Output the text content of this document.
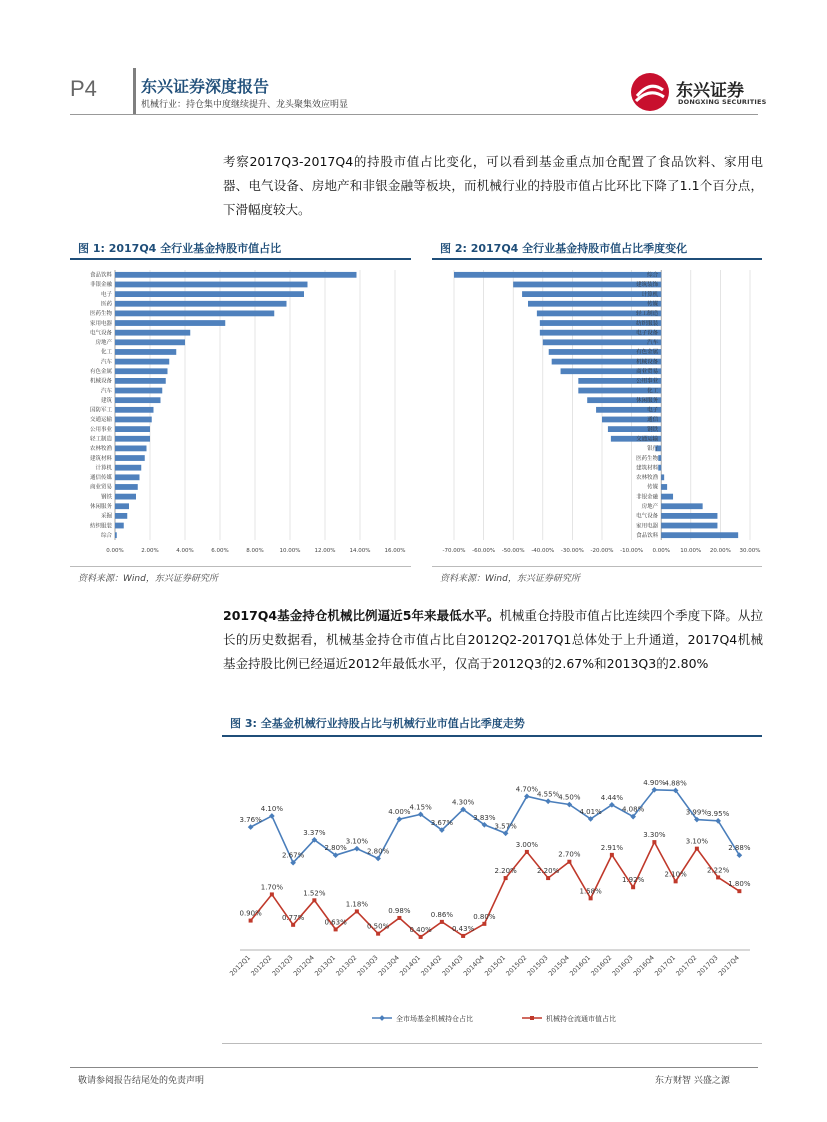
P4	东兴证券深度报告
机械行业：持仓集中度继续提升、龙头聚集效应明显
东兴证券
DONGXING SECURITIES
考察2017Q3-2017Q4的持股市值占比变化，可以看到基金重点加仓配置了食品饮料、家用电器、电气设备、房地产和非银金融等板块，而机械行业的持股市值占比环比下降了1.1个百分点，下滑幅度较大。
图 1: 2017Q4 全行业基金持股市值占比	图 2: 2017Q4 全行业基金持股市值占比季度变化
0.00%	2.00%	4.00%	6.00%	8.00%	10.00%	12.00%	14.00%	16.00%
食品饮料
非银金融
电子
医药
医药生物
家用电器
电气设备
房地产
化工
汽车
有色金属
机械设备
汽车
建筑
国防军工
交通运输
公用事业
轻工制造
农林牧渔
建筑材料
计算机
通信传媒
商业贸易
钢铁
休闲服务
采掘
纺织服装
综合
-70.00% -60.00% -50.00% -40.00% -30.00% -20.00% -10.00% 0.00% 10.00% 20.00% 30.00%
综合
建筑装饰
计算机
传媒
轻工制造
纺织服装
电子设备
汽车
有色金属
机械设备
商业贸易
公用事业
化工
休闲服务
电子
通信
钢铁
交通运输
银行
医药生物
建筑材料
农林牧渔
传媒
非银金融
房地产
电气设备
家用电器
食品饮料
资料来源：Wind，东兴证券研究所	资料来源：Wind，东兴证券研究所
2017Q4基金持仓机械比例逼近5年来最低水平。机械重仓持股市值占比连续四个季度下降。从拉长的历史数据看，机械基金持仓市值占比自2012Q2-2017Q1总体处于上升通道，2017Q4机械基金持股比例已经逼近2012年最低水平，仅高于2012Q3的2.67%和2013Q3的2.80%
图 3: 全基金机械行业持股占比与机械行业市值占比季度走势
2012Q1
2012Q2
2012Q3
2012Q4
2013Q1
2013Q2
2013Q3
2013Q4
2014Q1
2014Q2
2014Q3
2014Q4
2015Q1
2015Q2
2015Q3
2015Q4
2016Q1
2016Q2
2016Q3
2016Q4
2017Q1
2017Q2
2017Q3
2017Q4
3.76%
4.10%
2.67%
3.37%
2.80%
3.10%
2.80%
4.00%
4.15%
3.67%
4.30%
3.83%
3.57%
4.70%
4.55% 4.50%
4.01%
4.44%
4.08%
4.90% 4.88%
3.99% 3.95%
2.88%
0.90%
1.70%
0.77%
1.52%
0.63%
1.18%
0.50%
0.98%
0.40%
0.86%
0.43%
0.80%
2.20%
3.00%
2.20%
2.70%
1.58%
2.91%
1.92%
3.30%
2.10%
3.10%
2.22%
1.80%
全市场基金机械持仓占比	机械持仓流通市值占比
敬请参阅报告结尾处的免责声明	东方财智 兴盛之源
